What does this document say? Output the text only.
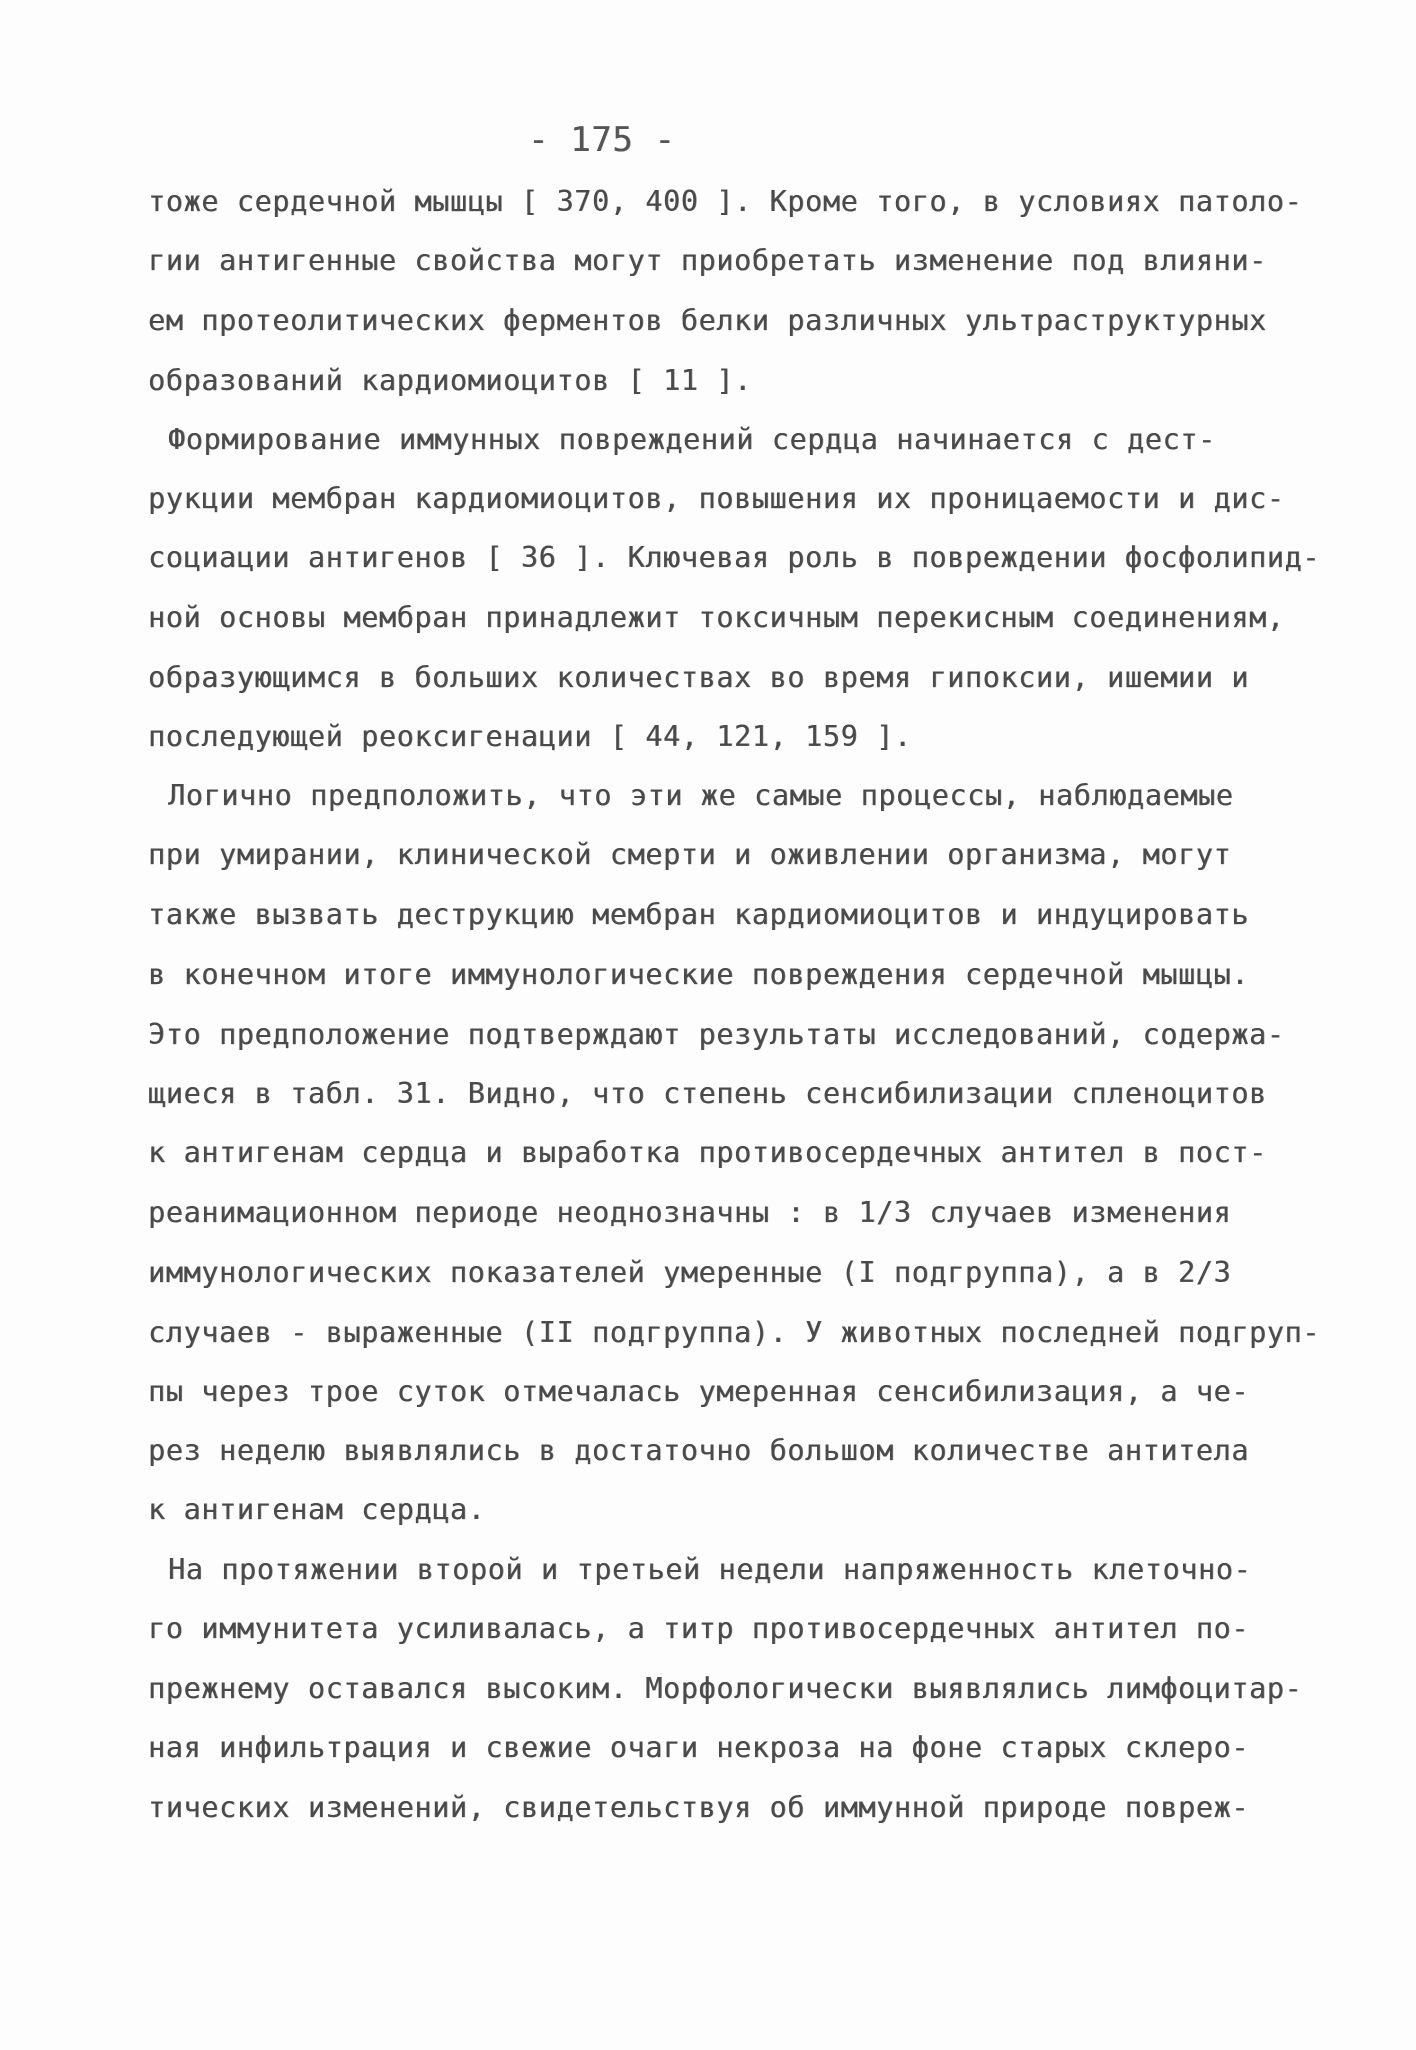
- 175 -
тожe сердечной мышцы [ 370, 400 ]. Кроме того, в условиях патоло-
гии антигенные свойства могут приобретать изменение под влияни-
ем протеолитических ферментов белки различных ультраструктурных
образований кардиомиоцитов [ 11 ].
Формирование иммунных повреждений сердца начинается с дест-
рукции мембран кардиомиоцитов, повышения их проницаемости и дис-
социации антигенов [ 36 ]. Ключевая роль в повреждении фосфолипид-
ной основы мембран принадлежит токсичным перекисным соединениям,
образующимся в больших количествах во время гипоксии, ишемии и
последующей реоксигенации [ 44, 121, 159 ].
Логично предположить, что эти же самые процессы, наблюдаемые
при умирании, клинической смерти и оживлении организма, могут
также вызвать деструкцию мембран кардиомиоцитов и индуцировать
в конечном итоге иммунологические повреждения сердечной мышцы.
Это предположение подтверждают результаты исследований, содержа-
щиеся в табл. 31. Видно, что степень сенсибилизации спленоцитов
к антигенам сердца и выработка противосердечных антител в пост-
реанимационном периоде неоднозначны : в 1/3 случаев изменения
иммунологических показателей умеренные (I подгруппа), а в 2/3
случаев - выраженные (II подгруппа). У животных последней подгруп-
пы через трое суток отмечалась умеренная сенсибилизация, а че-
рез неделю выявлялись в достаточно большом количестве антитела
к антигенам сердца.
На протяжении второй и третьей недели напряженность клеточно-
го иммунитета усиливалась, а титр противосердечных антител по-
прежнему оставался высоким. Морфологически выявлялись лимфоцитар-
ная инфильтрация и свежие очаги некроза на фоне старых склеро-
тических изменений, свидетельствуя об иммунной природе повреж-
